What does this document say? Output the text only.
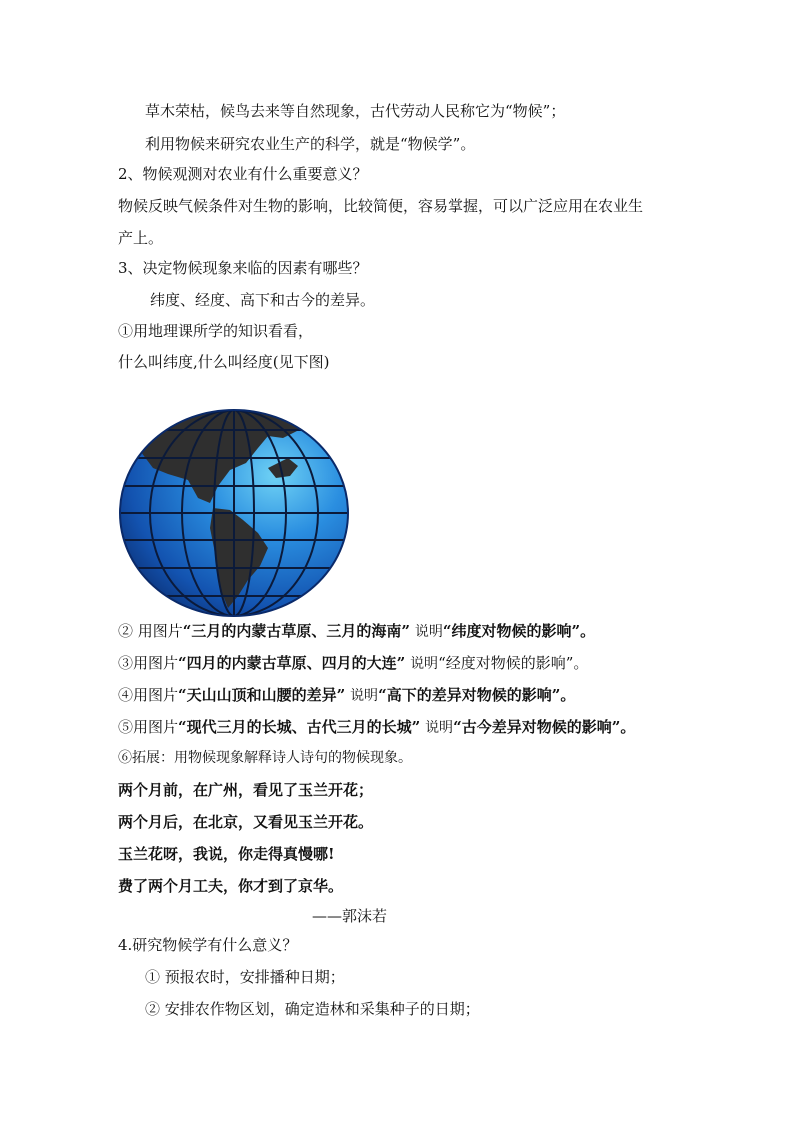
草木荣枯，候鸟去来等自然现象，古代劳动人民称它为“物候”；
利用物候来研究农业生产的科学，就是“物候学”。
2、物候观测对农业有什么重要意义？
物候反映气候条件对生物的影响，比较简便，容易掌握，可以广泛应用在农业生
产上。
3、决定物候现象来临的因素有哪些？
纬度、经度、高下和古今的差异。
①用地理课所学的知识看看，
什么叫纬度,什么叫经度(见下图)
② 用图片“三月的内蒙古草原、三月的海南” 说明“纬度对物候的影响”。
③用图片“四月的内蒙古草原、四月的大连” 说明“经度对物候的影响”。
④用图片“天山山顶和山腰的差异” 说明“高下的差异对物候的影响”。
⑤用图片“现代三月的长城、古代三月的长城” 说明“古今差异对物候的影响”。
⑥拓展：用物候现象解释诗人诗句的物候现象。
两个月前，在广州，看见了玉兰开花；
两个月后，在北京，又看见玉兰开花。
玉兰花呀，我说，你走得真慢哪!
费了两个月工夫，你才到了京华。
——郭沫若
4.研究物候学有什么意义？
① 预报农时，安排播种日期；
② 安排农作物区划，确定造林和采集种子的日期；
